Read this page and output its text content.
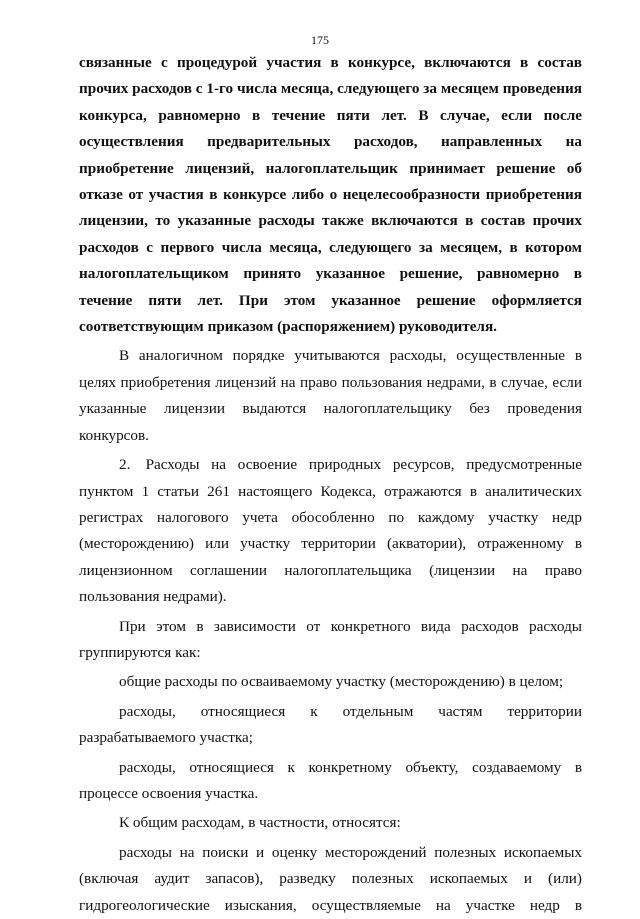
175

связанные с процедурой участия в конкурсе, включаются в состав прочих расходов с 1-го числа месяца, следующего за месяцем проведения конкурса, равномерно в течение пяти лет. В случае, если после осуществления предварительных расходов, направленных на приобретение лицензий, налогоплательщик принимает решение об отказе от участия в конкурсе либо о нецелесообразности приобретения лицензии, то указанные расходы также включаются в состав прочих расходов с первого числа месяца, следующего за месяцем, в котором налогоплательщиком принято указанное решение, равномерно в течение пяти лет. При этом указанное решение оформляется соответствующим приказом (распоряжением) руководителя.

В аналогичном порядке учитываются расходы, осуществленные в целях приобретения лицензий на право пользования недрами, в случае, если указанные лицензии выдаются налогоплательщику без проведения конкурсов.

2. Расходы на освоение природных ресурсов, предусмотренные пунктом 1 статьи 261 настоящего Кодекса, отражаются в аналитических регистрах налогового учета обособленно по каждому участку недр (месторождению) или участку территории (акватории), отраженному в лицензионном соглашении налогоплательщика (лицензии на право пользования недрами).

При этом в зависимости от конкретного вида расходов расходы группируются как:

общие расходы по осваиваемому участку (месторождению) в целом;

расходы, относящиеся к отдельным частям территории разрабатываемого участка;

расходы, относящиеся к конкретному объекту, создаваемому в процессе освоения участка.

К общим расходам, в частности, относятся:

расходы на поиски и оценку месторождений полезных ископаемых (включая аудит запасов), разведку полезных ископаемых и (или) гидрогеологические изыскания, осуществляемые на участке недр в
